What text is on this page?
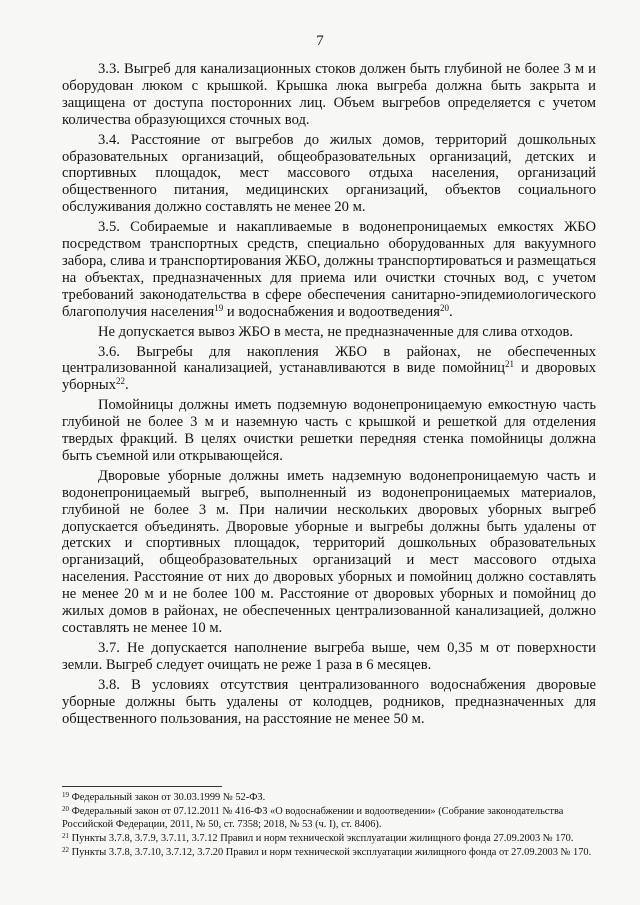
7

3.3. Выгреб для канализационных стоков должен быть глубиной не более 3 м и оборудован люком с крышкой. Крышка люка выгреба должна быть закрыта и защищена от доступа посторонних лиц. Объем выгребов определяется с учетом количества образующихся сточных вод.

3.4. Расстояние от выгребов до жилых домов, территорий дошкольных образовательных организаций, общеобразовательных организаций, детских и спортивных площадок, мест массового отдыха населения, организаций общественного питания, медицинских организаций, объектов социального обслуживания должно составлять не менее 20 м.

3.5. Собираемые и накапливаемые в водонепроницаемых емкостях ЖБО посредством транспортных средств, специально оборудованных для вакуумного забора, слива и транспортирования ЖБО, должны транспортироваться и размещаться на объектах, предназначенных для приема или очистки сточных вод, с учетом требований законодательства в сфере обеспечения санитарно-эпидемиологического благополучия населения$^{19}$ и водоснабжения и водоотведения$^{20}$.

Не допускается вывоз ЖБО в места, не предназначенные для слива отходов.

3.6. Выгребы для накопления ЖБО в районах, не обеспеченных централизованной канализацией, устанавливаются в виде помойниц$^{21}$ и дворовых уборных$^{22}$.

Помойницы должны иметь подземную водонепроницаемую емкостную часть глубиной не более 3 м и наземную часть с крышкой и решеткой для отделения твердых фракций. В целях очистки решетки передняя стенка помойницы должна быть съемной или открывающейся.

Дворовые уборные должны иметь надземную водонепроницаемую часть и водонепроницаемый выгреб, выполненный из водонепроницаемых материалов, глубиной не более 3 м. При наличии нескольких дворовых уборных выгреб допускается объединять. Дворовые уборные и выгребы должны быть удалены от детских и спортивных площадок, территорий дошкольных образовательных организаций, общеобразовательных организаций и мест массового отдыха населения. Расстояние от них до дворовых уборных и помойниц должно составлять не менее 20 м и не более 100 м. Расстояние от дворовых уборных и помойниц до жилых домов в районах, не обеспеченных централизованной канализацией, должно составлять не менее 10 м.

3.7. Не допускается наполнение выгреба выше, чем 0,35 м от поверхности земли. Выгреб следует очищать не реже 1 раза в 6 месяцев.

3.8. В условиях отсутствия централизованного водоснабжения дворовые уборные должны быть удалены от колодцев, родников, предназначенных для общественного пользования, на расстояние не менее 50 м.

$^{19}$ Федеральный закон от 30.03.1999 № 52-ФЗ.

$^{20}$ Федеральный закон от 07.12.2011 № 416-ФЗ «О водоснабжении и водоотведении» (Собрание законодательства Российской Федерации, 2011, № 50, ст. 7358; 2018, № 53 (ч. I), ст. 8406).

$^{21}$ Пункты 3.7.8, 3.7.9, 3.7.11, 3.7.12 Правил и норм технической эксплуатации жилищного фонда 27.09.2003 № 170.

$^{22}$ Пункты 3.7.8, 3.7.10, 3.7.12, 3.7.20 Правил и норм технической эксплуатации жилищного фонда от 27.09.2003 № 170.
